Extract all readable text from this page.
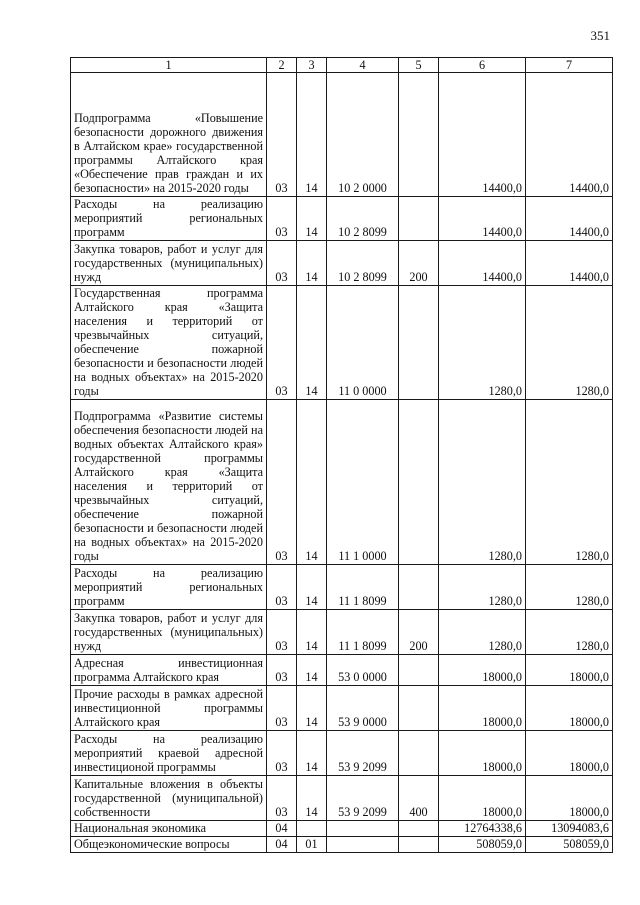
351
1	2	3	4	5	6	7
Подпрограмма «Повышение безопасности дорожного движения в Алтайском крае» государственной программы Алтайского края «Обеспечение прав граждан и их безопасности» на 2015-2020 годы	03	14	10 2 0000		14400,0	14400,0
Расходы на реализацию мероприятий региональных программ	03	14	10 2 8099		14400,0	14400,0
Закупка товаров, работ и услуг для государственных (муниципальных) нужд	03	14	10 2 8099	200	14400,0	14400,0
Государственная программа Алтайского края «Защита населения и территорий от чрезвычайных ситуаций, обеспечение пожарной безопасности и безопасности людей на водных объектах» на 2015-2020 годы	03	14	11 0 0000		1280,0	1280,0
Подпрограмма «Развитие системы обеспечения безопасности людей на водных объектах Алтайского края» государственной программы Алтайского края «Защита населения и территорий от чрезвычайных ситуаций, обеспечение пожарной безопасности и безопасности людей на водных объектах» на 2015-2020 годы	03	14	11 1 0000		1280,0	1280,0
Расходы на реализацию мероприятий региональных программ	03	14	11 1 8099		1280,0	1280,0
Закупка товаров, работ и услуг для государственных (муниципальных) нужд	03	14	11 1 8099	200	1280,0	1280,0
Адресная инвестиционная программа Алтайского края	03	14	53 0 0000		18000,0	18000,0
Прочие расходы в рамках адресной инвестиционной программы Алтайского края	03	14	53 9 0000		18000,0	18000,0
Расходы на реализацию мероприятий краевой адресной инвестиционой программы	03	14	53 9 2099		18000,0	18000,0
Капитальные вложения в объекты государственной (муниципальной) собственности	03	14	53 9 2099	400	18000,0	18000,0
Национальная экономика	04				12764338,6	13094083,6
Общеэкономические вопросы	04	01			508059,0	508059,0
